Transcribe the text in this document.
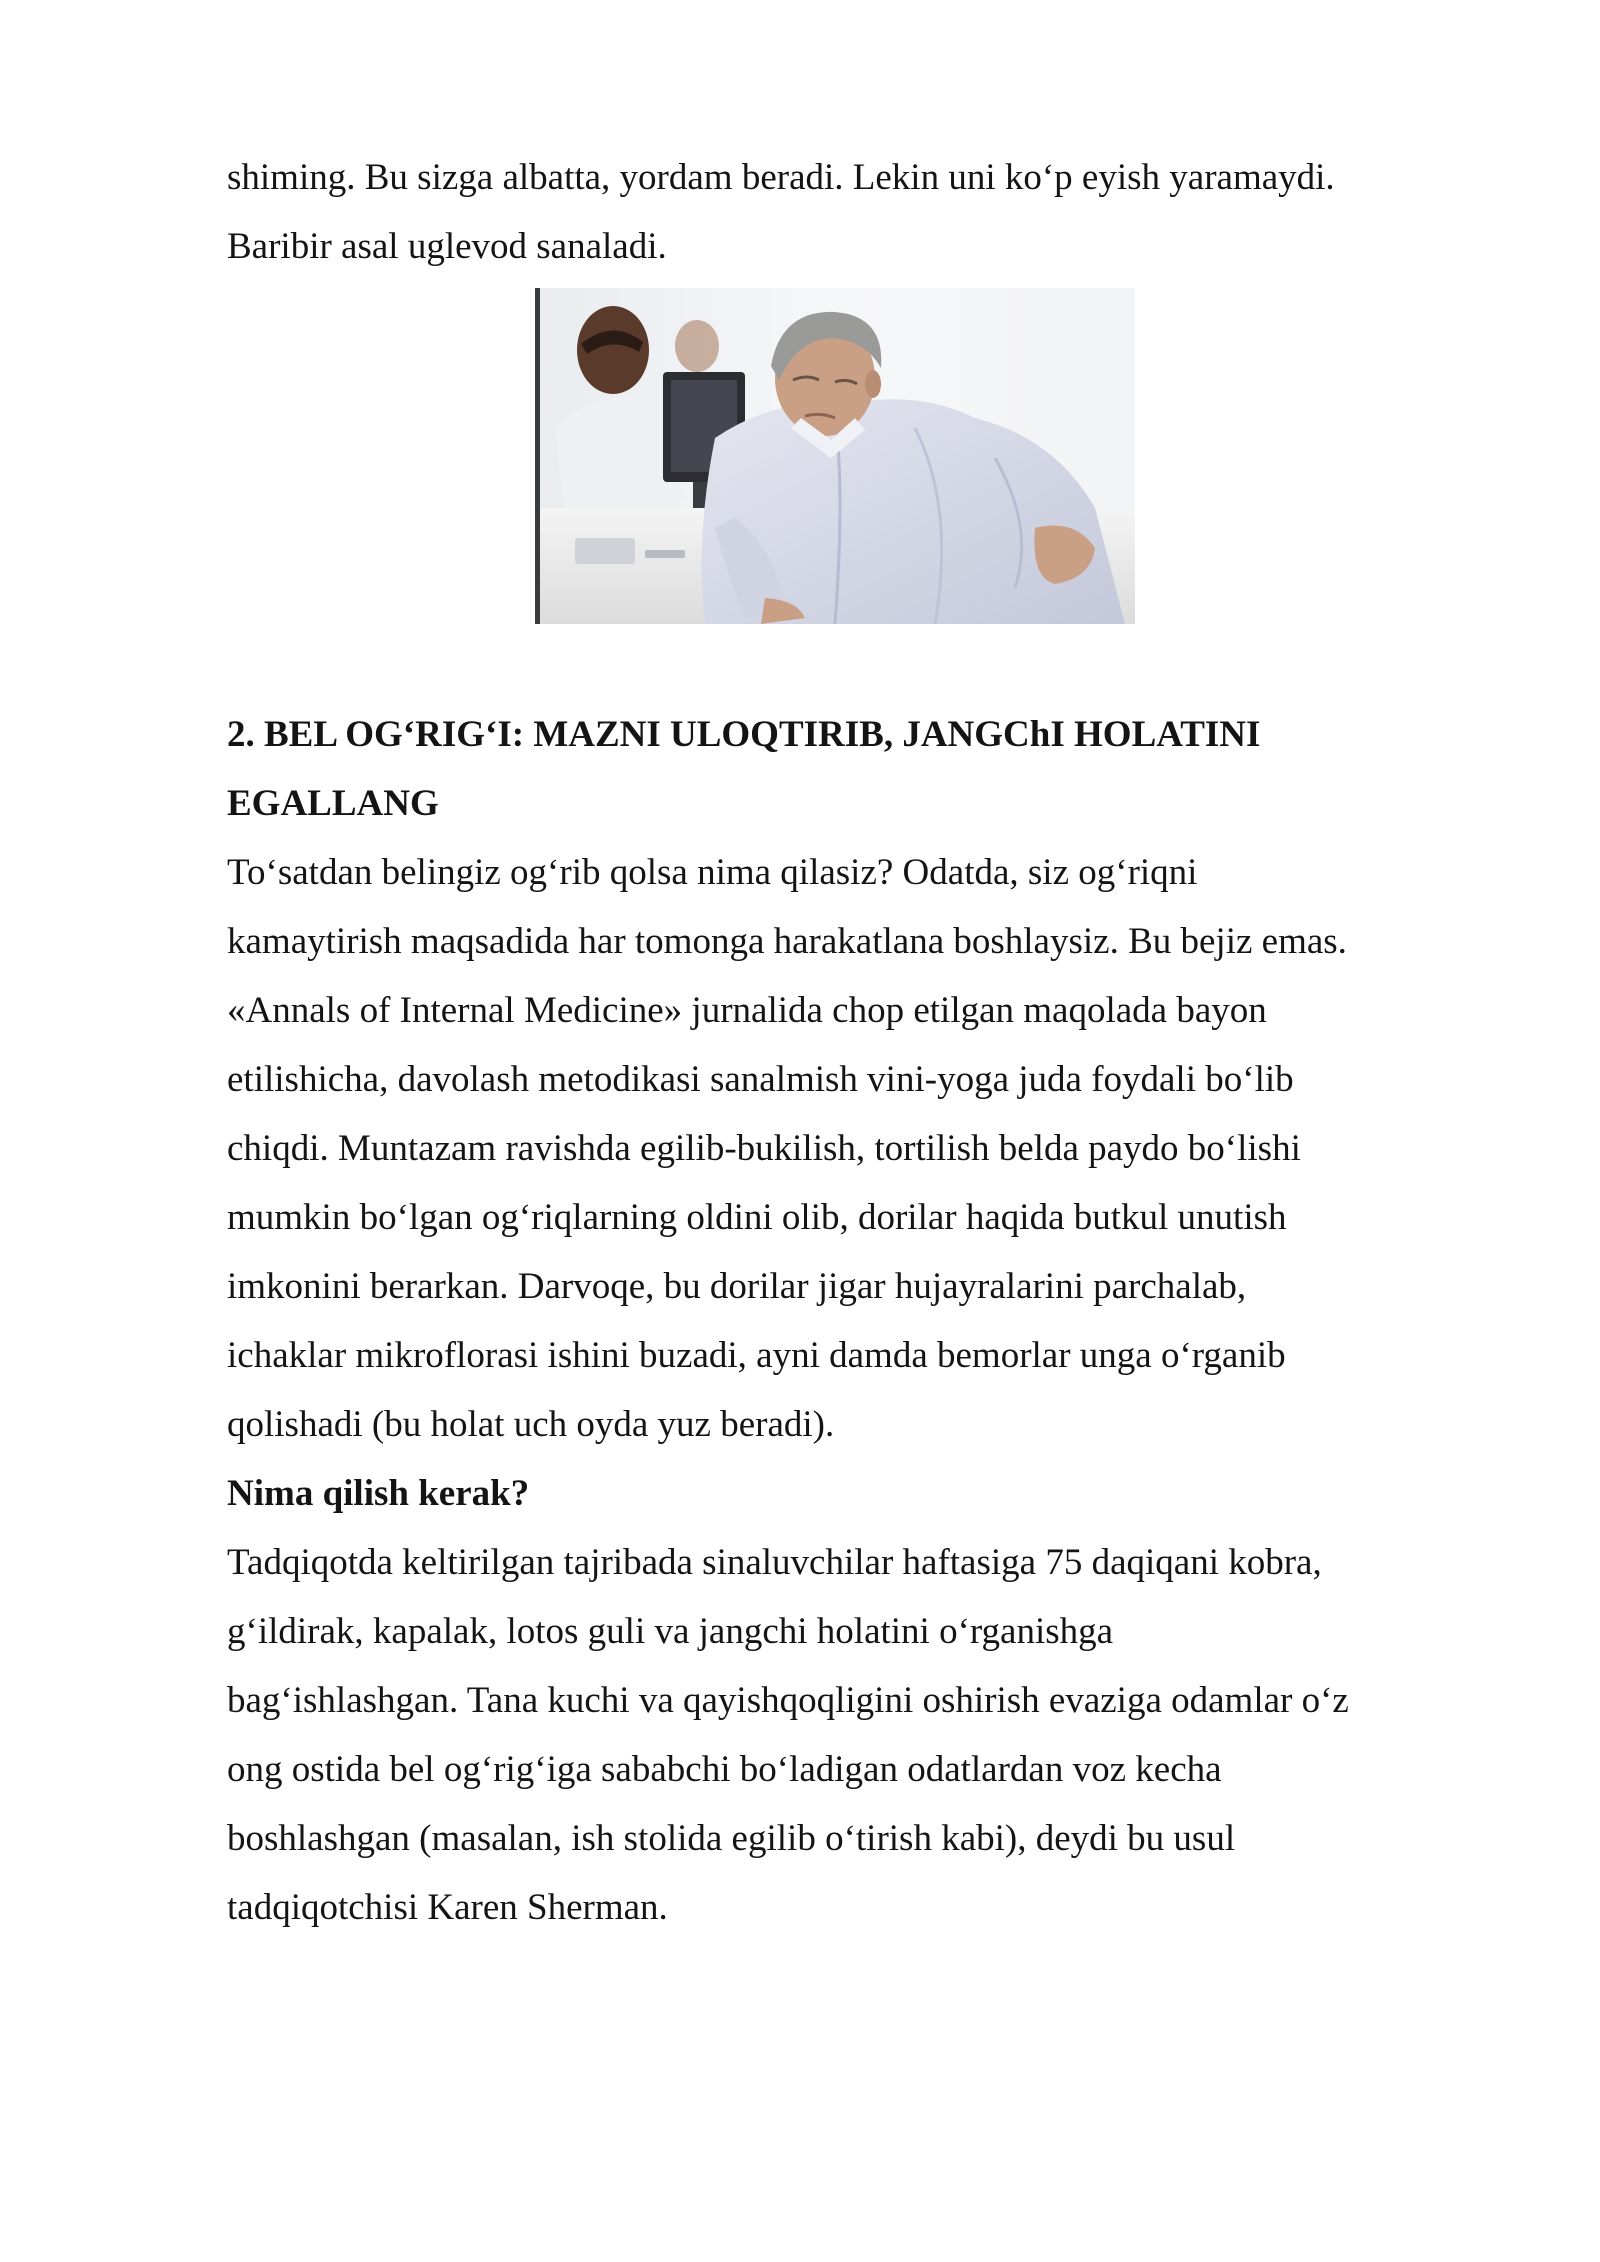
shiming. Bu sizga albatta, yordam beradi. Lekin uni koʻp eyish yaramaydi.
Baribir asal uglevod sanaladi.
2. BEL OGʻRIGʻI: MAZNI ULOQTIRIB, JANGChI HOLATINI
EGALLANG
Toʻsatdan belingiz ogʻrib qolsa nima qilasiz? Odatda, siz ogʻriqni
kamaytirish maqsadida har tomonga harakatlana boshlaysiz. Bu bejiz emas.
«Annals of Internal Medicine» jurnalida chop etilgan maqolada bayon
etilishicha, davolash metodikasi sanalmish vini-yoga juda foydali boʻlib
chiqdi. Muntazam ravishda egilib-bukilish, tortilish belda paydo boʻlishi
mumkin boʻlgan ogʻriqlarning oldini olib, dorilar haqida butkul unutish
imkonini berarkan. Darvoqe, bu dorilar jigar hujayralarini parchalab,
ichaklar mikroflorasi ishini buzadi, ayni damda bemorlar unga oʻrganib
qolishadi (bu holat uch oyda yuz beradi).
Nima qilish kerak?
Tadqiqotda keltirilgan tajribada sinaluvchilar haftasiga 75 daqiqani kobra,
gʻildirak, kapalak, lotos guli va jangchi holatini oʻrganishga
bagʻishlashgan. Tana kuchi va qayishqoqligini oshirish evaziga odamlar oʻz
ong ostida bel ogʻrigʻiga sababchi boʻladigan odatlardan voz kecha
boshlashgan (masalan, ish stolida egilib oʻtirish kabi), deydi bu usul
tadqiqotchisi Karen Sherman.
